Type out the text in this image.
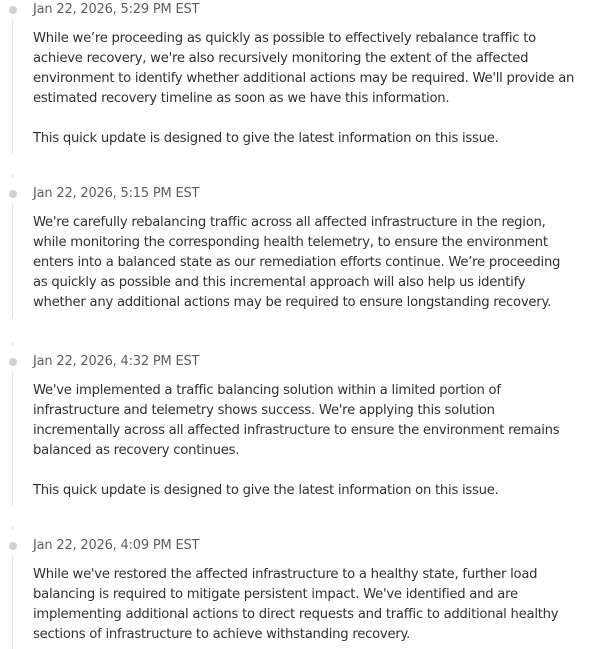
Jan 22, 2026, 5:29 PM EST

While we’re proceeding as quickly as possible to effectively rebalance traffic to achieve recovery, we're also recursively monitoring the extent of the affected environment to identify whether additional actions may be required. We'll provide an estimated recovery timeline as soon as we have this information.

This quick update is designed to give the latest information on this issue.

Jan 22, 2026, 5:15 PM EST

We're carefully rebalancing traffic across all affected infrastructure in the region, while monitoring the corresponding health telemetry, to ensure the environment enters into a balanced state as our remediation efforts continue. We’re proceeding as quickly as possible and this incremental approach will also help us identify whether any additional actions may be required to ensure longstanding recovery.

Jan 22, 2026, 4:32 PM EST

We've implemented a traffic balancing solution within a limited portion of infrastructure and telemetry shows success. We're applying this solution incrementally across all affected infrastructure to ensure the environment remains balanced as recovery continues.

This quick update is designed to give the latest information on this issue.

Jan 22, 2026, 4:09 PM EST

While we've restored the affected infrastructure to a healthy state, further load balancing is required to mitigate persistent impact. We've identified and are implementing additional actions to direct requests and traffic to additional healthy sections of infrastructure to achieve withstanding recovery.
